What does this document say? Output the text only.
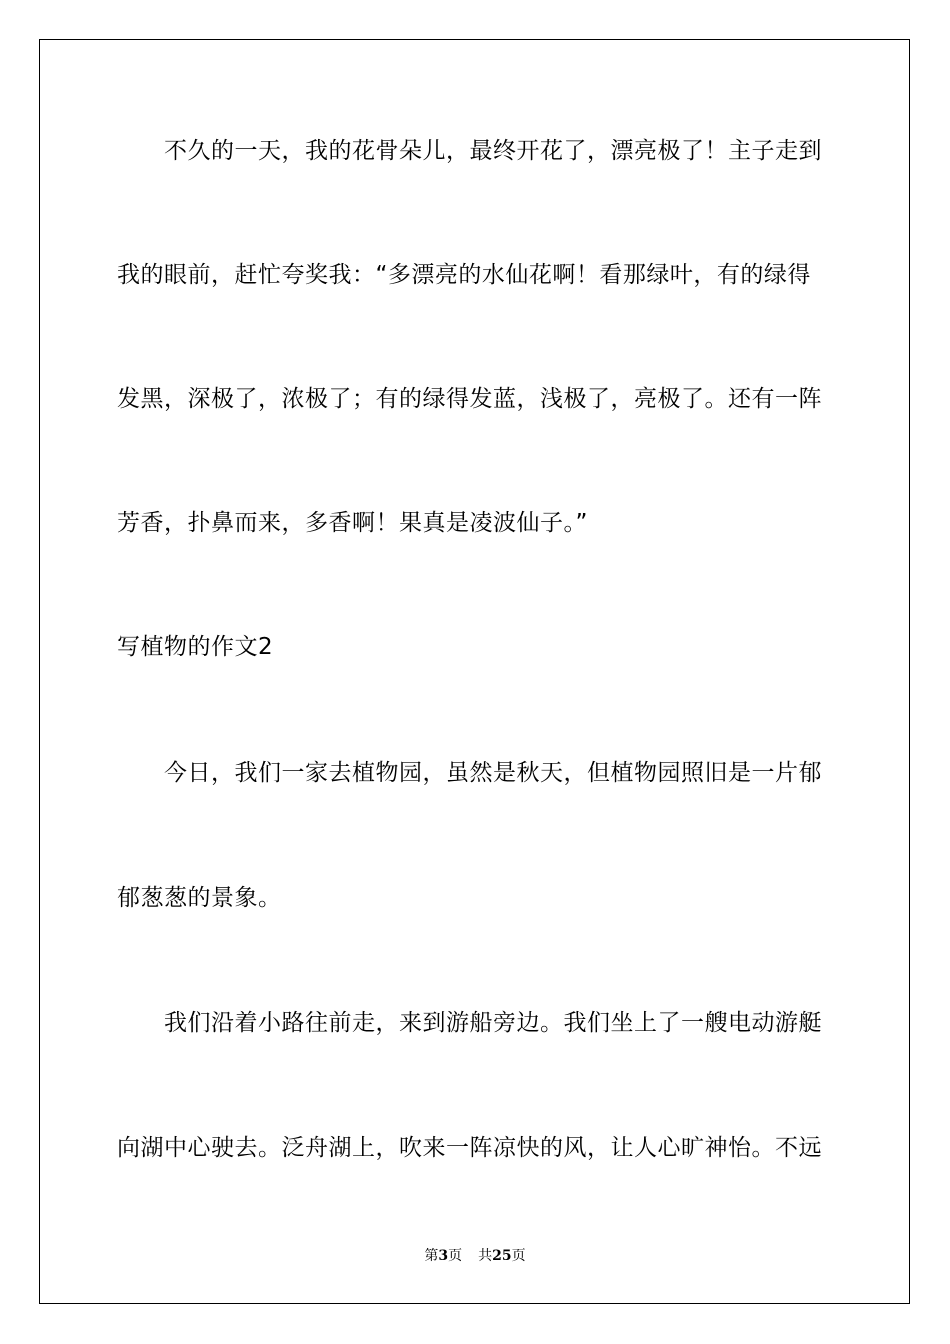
不久的一天，我的花骨朵儿，最终开花了，漂亮极了！主子走到

我的眼前，赶忙夸奖我：“多漂亮的水仙花啊！看那绿叶，有的绿得

发黑，深极了，浓极了；有的绿得发蓝，浅极了，亮极了。还有一阵

芳香，扑鼻而来，多香啊！果真是凌波仙子。”

写植物的作文2

今日，我们一家去植物园，虽然是秋天，但植物园照旧是一片郁

郁葱葱的景象。

我们沿着小路往前走，来到游船旁边。我们坐上了一艘电动游艇

向湖中心驶去。泛舟湖上，吹来一阵凉快的风，让人心旷神怡。不远

第3页 共25页
